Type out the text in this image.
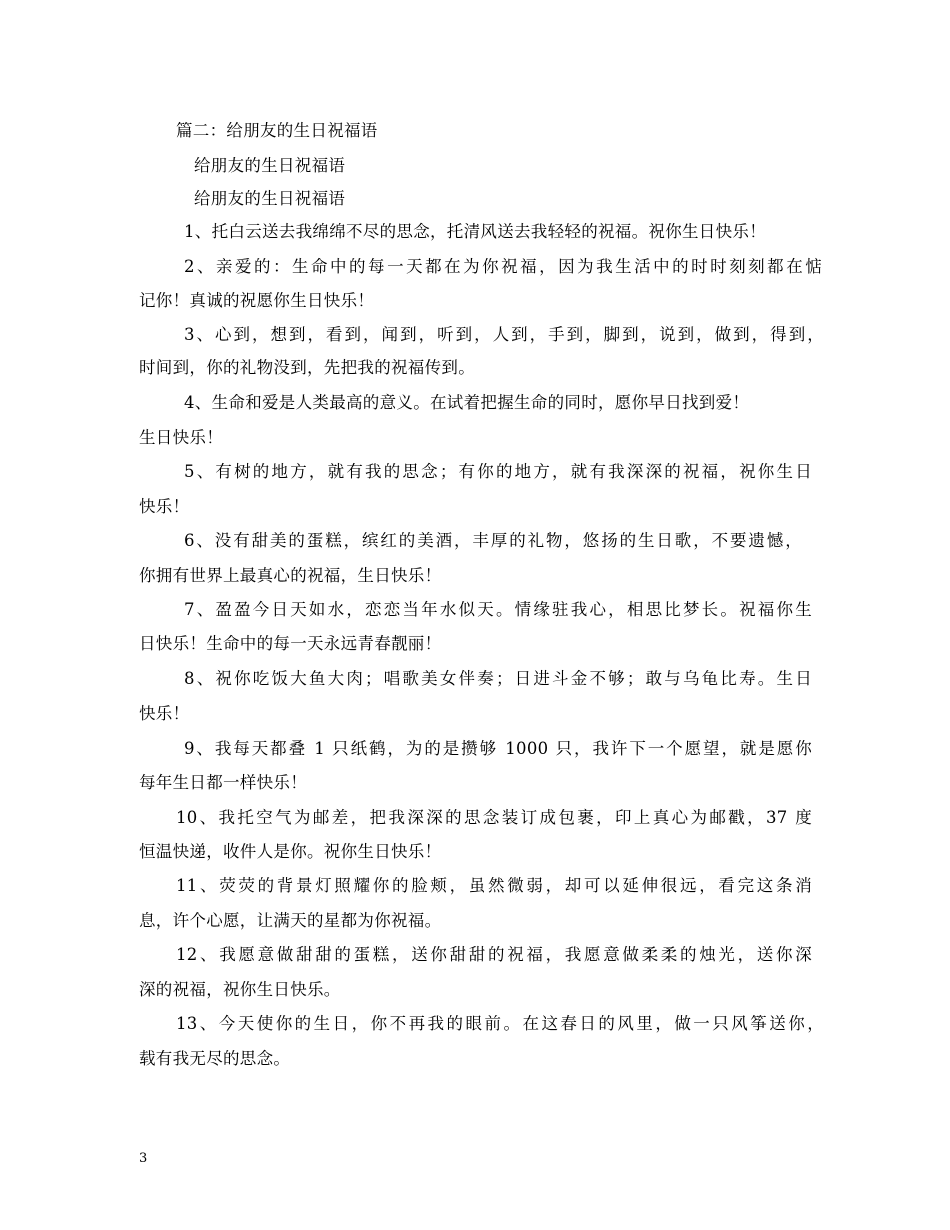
篇二：给朋友的生日祝福语
给朋友的生日祝福语
给朋友的生日祝福语
1、托白云送去我绵绵不尽的思念，托清风送去我轻轻的祝福。祝你生日快乐！
2、亲爱的：生命中的每一天都在为你祝福，因为我生活中的时时刻刻都在惦
记你！真诚的祝愿你生日快乐！
3、心到，想到，看到，闻到，听到，人到，手到，脚到，说到，做到，得到，
时间到，你的礼物没到，先把我的祝福传到。
4、生命和爱是人类最高的意义。在试着把握生命的同时，愿你早日找到爱！
生日快乐！
5、有树的地方，就有我的思念；有你的地方，就有我深深的祝福，祝你生日
快乐！
6、没有甜美的蛋糕，缤红的美酒，丰厚的礼物，悠扬的生日歌，不要遗憾，
你拥有世界上最真心的祝福，生日快乐！
7、盈盈今日天如水，恋恋当年水似天。情缘驻我心，相思比梦长。祝福你生
日快乐！生命中的每一天永远青春靓丽！
8、祝你吃饭大鱼大肉；唱歌美女伴奏；日进斗金不够；敢与乌龟比寿。生日
快乐！
9、我每天都叠 1 只纸鹤，为的是攒够 1000 只，我许下一个愿望，就是愿你
每年生日都一样快乐！
10、我托空气为邮差，把我深深的思念装订成包裹，印上真心为邮戳，37 度
恒温快递，收件人是你。祝你生日快乐！
11、荧荧的背景灯照耀你的脸颊，虽然微弱，却可以延伸很远，看完这条消
息，许个心愿，让满天的星都为你祝福。
12、我愿意做甜甜的蛋糕，送你甜甜的祝福，我愿意做柔柔的烛光，送你深
深的祝福，祝你生日快乐。
13、今天使你的生日，你不再我的眼前。在这春日的风里，做一只风筝送你，
载有我无尽的思念。
3
